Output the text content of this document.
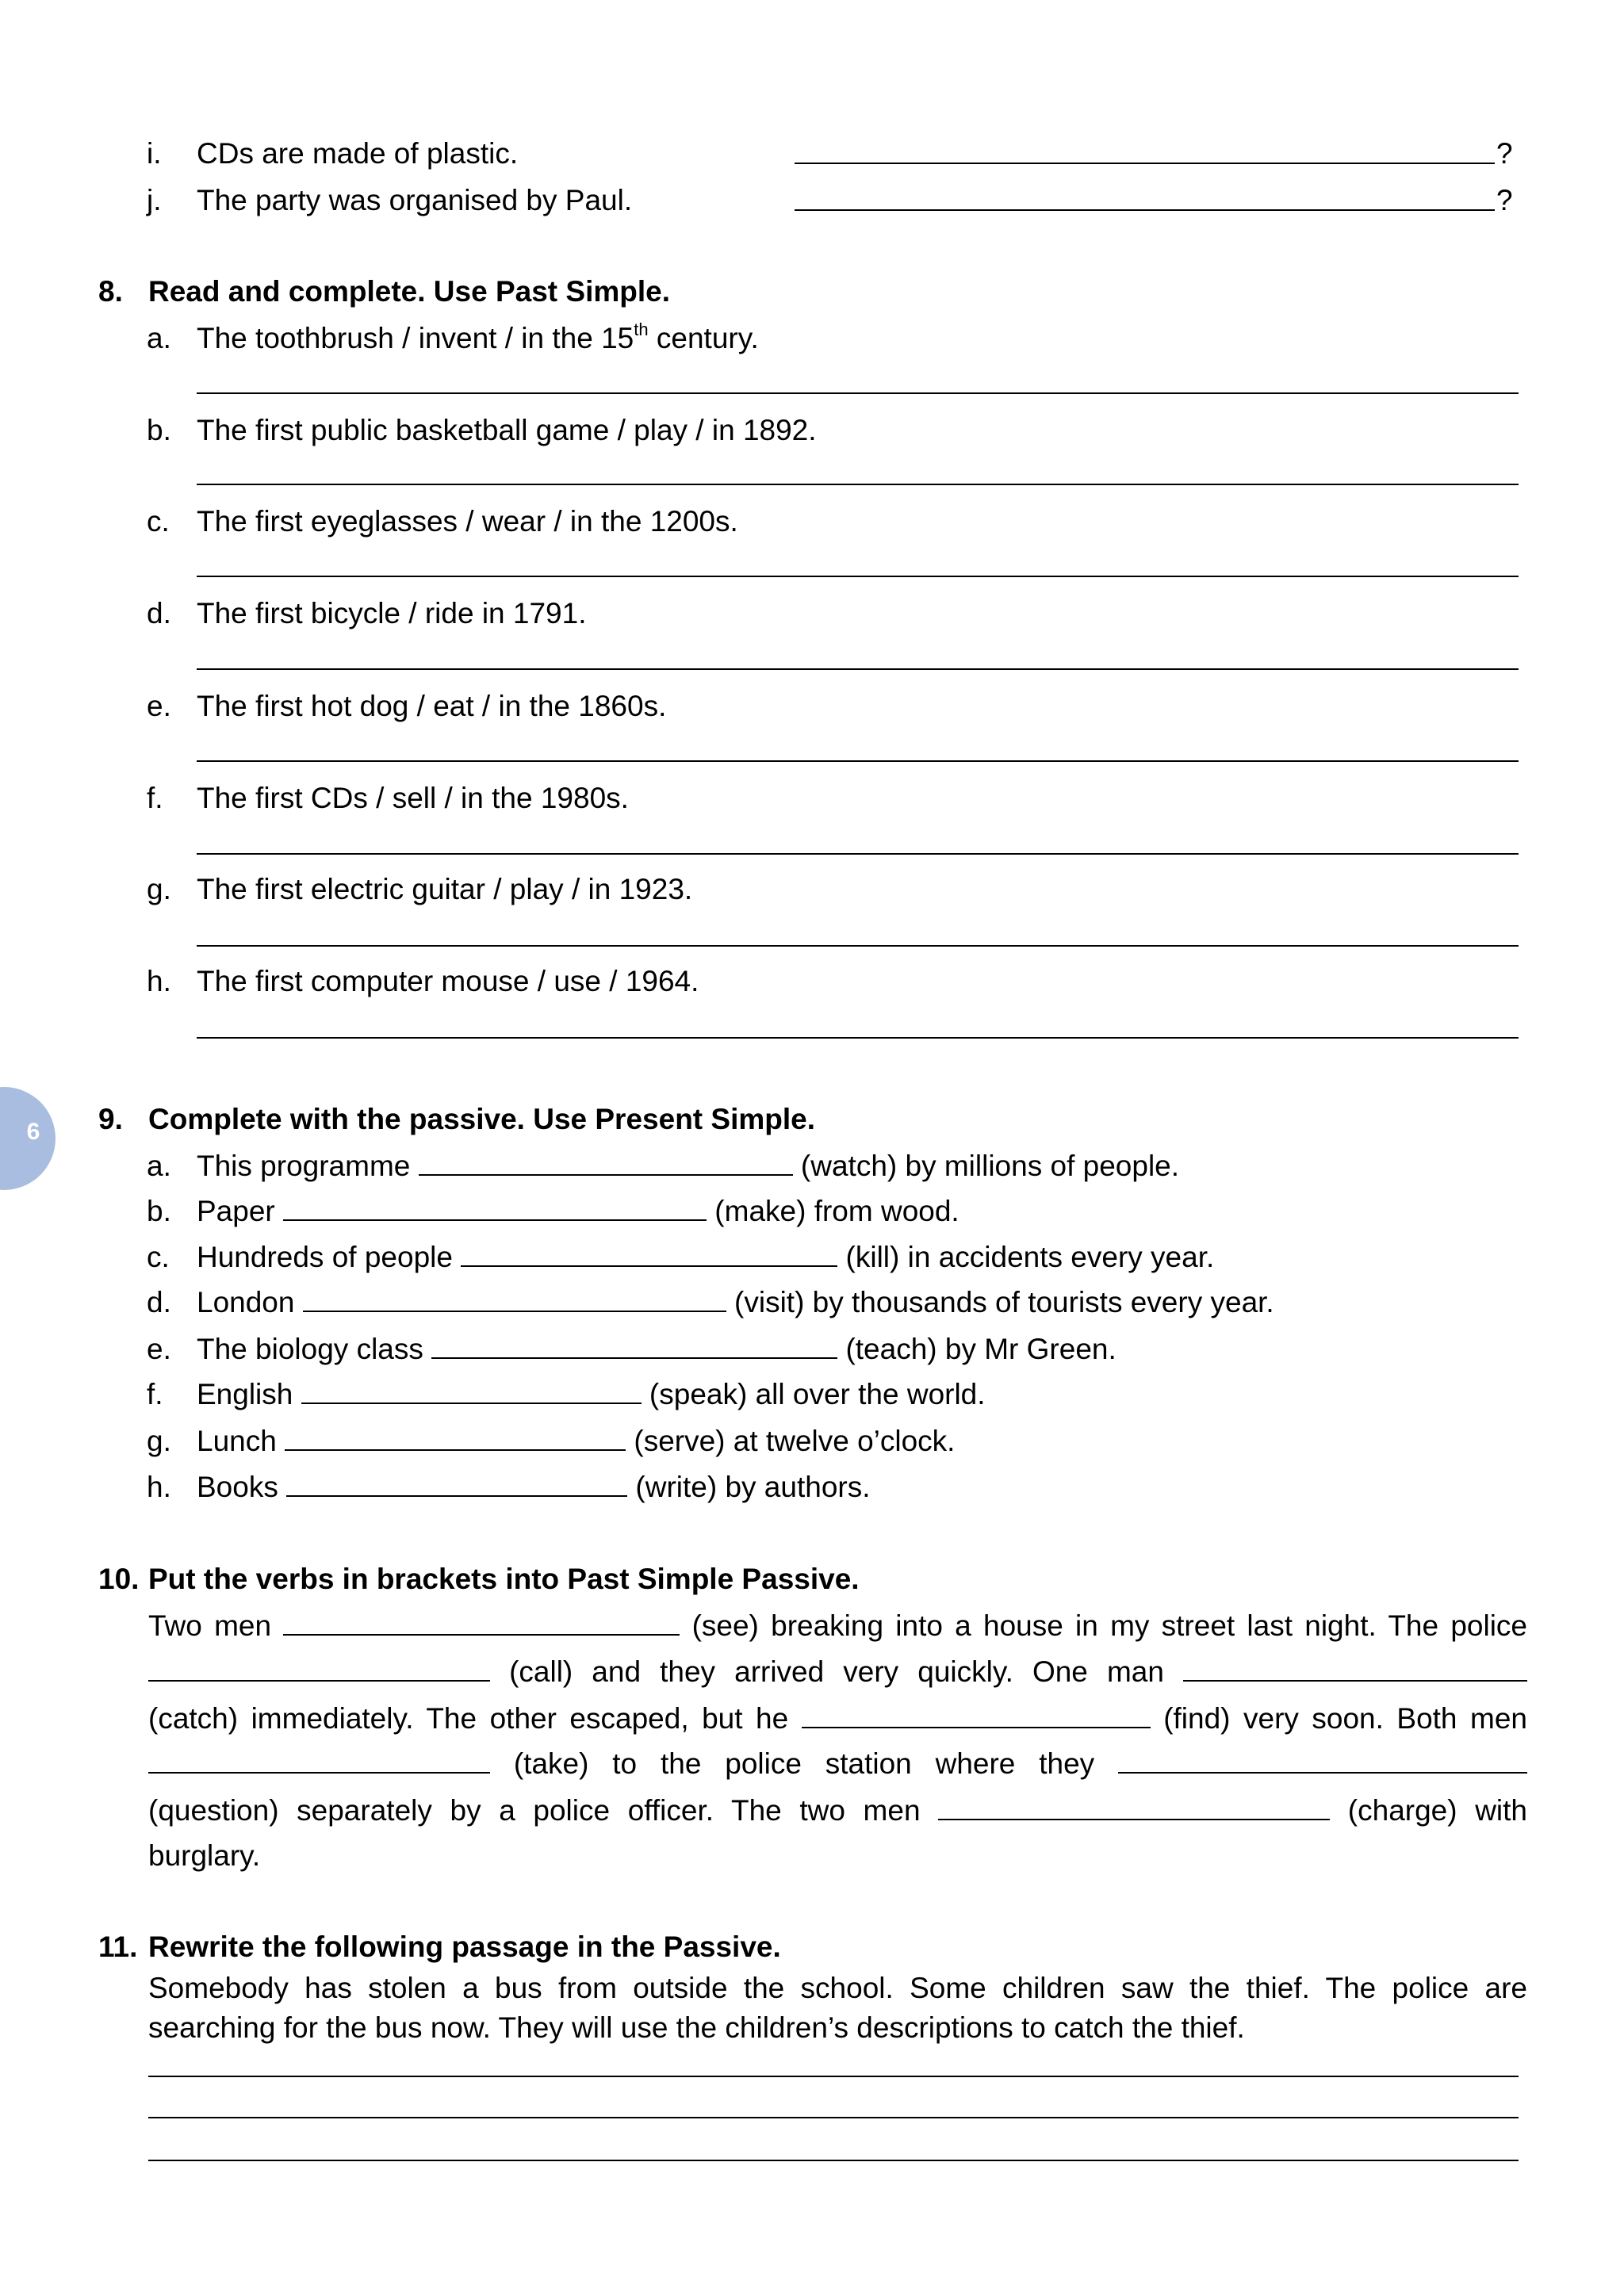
6
i. CDs are made of plastic.	?
j. The party was organised by Paul.	?
8. Read and complete. Use Past Simple.
a. The toothbrush / invent / in the 15th century.
b. The first public basketball game / play / in 1892.
c. The first eyeglasses / wear / in the 1200s.
d. The first bicycle / ride in 1791.
e. The first hot dog / eat / in the 1860s.
f. The first CDs / sell / in the 1980s.
g. The first electric guitar / play / in 1923.
h. The first computer mouse / use / 1964.
9. Complete with the passive. Use Present Simple.
a. This programme	(watch) by millions of people.
b. Paper	(make) from wood.
c. Hundreds of people	(kill) in accidents every year.
d. London	(visit) by thousands of tourists every year.
e. The biology class	(teach) by Mr Green.
f. English	(speak) all over the world.
g. Lunch	(serve) at twelve o’clock.
h. Books	(write) by authors.
10. Put the verbs in brackets into Past Simple Passive.
Two men	(see) breaking into a house in my street last night. The police
(call) and they arrived very quickly. One man
(catch) immediately. The other escaped, but he	(find) very soon. Both men
(take) to the police station where they
(question) separately by a police officer. The two men	(charge) with
burglary.
11. Rewrite the following passage in the Passive.
Somebody has stolen a bus from outside the school. Some children saw the thief. The police are
searching for the bus now. They will use the children’s descriptions to catch the thief.
